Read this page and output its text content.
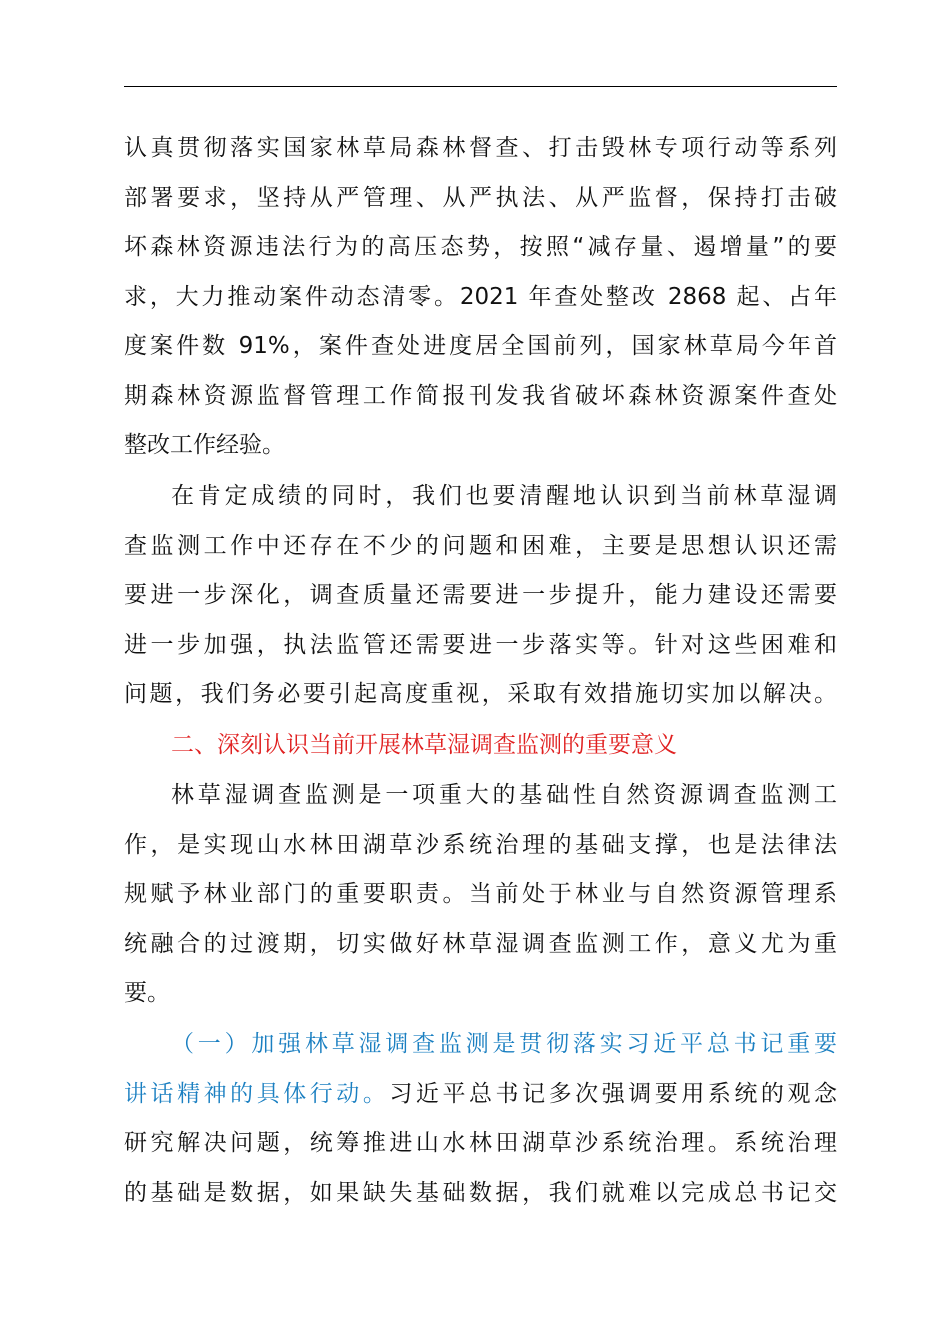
认真贯彻落实国家林草局森林督查、打击毁林专项行动等系列
部署要求，坚持从严管理、从严执法、从严监督，保持打击破
坏森林资源违法行为的高压态势，按照“减存量、遏增量”的要
求，大力推动案件动态清零。2021 年查处整改 2868 起、占年
度案件数 91%，案件查处进度居全国前列，国家林草局今年首
期森林资源监督管理工作简报刊发我省破坏森林资源案件查处
整改工作经验。
在肯定成绩的同时，我们也要清醒地认识到当前林草湿调
查监测工作中还存在不少的问题和困难，主要是思想认识还需
要进一步深化，调查质量还需要进一步提升，能力建设还需要
进一步加强，执法监管还需要进一步落实等。针对这些困难和
问题，我们务必要引起高度重视，采取有效措施切实加以解决。
二、深刻认识当前开展林草湿调查监测的重要意义
林草湿调查监测是一项重大的基础性自然资源调查监测工
作，是实现山水林田湖草沙系统治理的基础支撑，也是法律法
规赋予林业部门的重要职责。当前处于林业与自然资源管理系
统融合的过渡期，切实做好林草湿调查监测工作，意义尤为重
要。
（一）加强林草湿调查监测是贯彻落实习近平总书记重要
讲话精神的具体行动。习近平总书记多次强调要用系统的观念
研究解决问题，统筹推进山水林田湖草沙系统治理。系统治理
的基础是数据，如果缺失基础数据，我们就难以完成总书记交
